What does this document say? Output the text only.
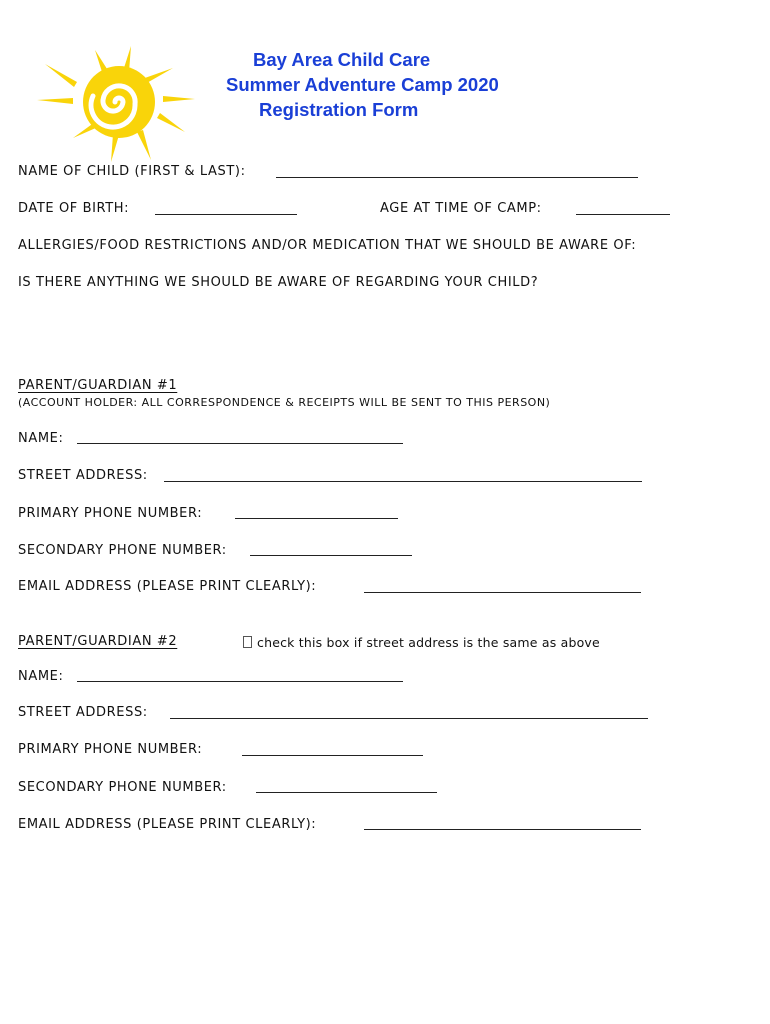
Bay Area Child Care
Summer Adventure Camp 2020
Registration Form
NAME OF CHILD (FIRST & LAST):
DATE OF BIRTH:	AGE AT TIME OF CAMP:
ALLERGIES/FOOD RESTRICTIONS AND/OR MEDICATION THAT WE SHOULD BE AWARE OF:
IS THERE ANYTHING WE SHOULD BE AWARE OF REGARDING YOUR CHILD?
PARENT/GUARDIAN #1
(ACCOUNT HOLDER: ALL CORRESPONDENCE & RECEIPTS WILL BE SENT TO THIS PERSON)
NAME:
STREET ADDRESS:
PRIMARY PHONE NUMBER:
SECONDARY PHONE NUMBER:
EMAIL ADDRESS (PLEASE PRINT CLEARLY):
PARENT/GUARDIAN #2	check this box if street address is the same as above
NAME:
STREET ADDRESS:
PRIMARY PHONE NUMBER:
SECONDARY PHONE NUMBER:
EMAIL ADDRESS (PLEASE PRINT CLEARLY):
